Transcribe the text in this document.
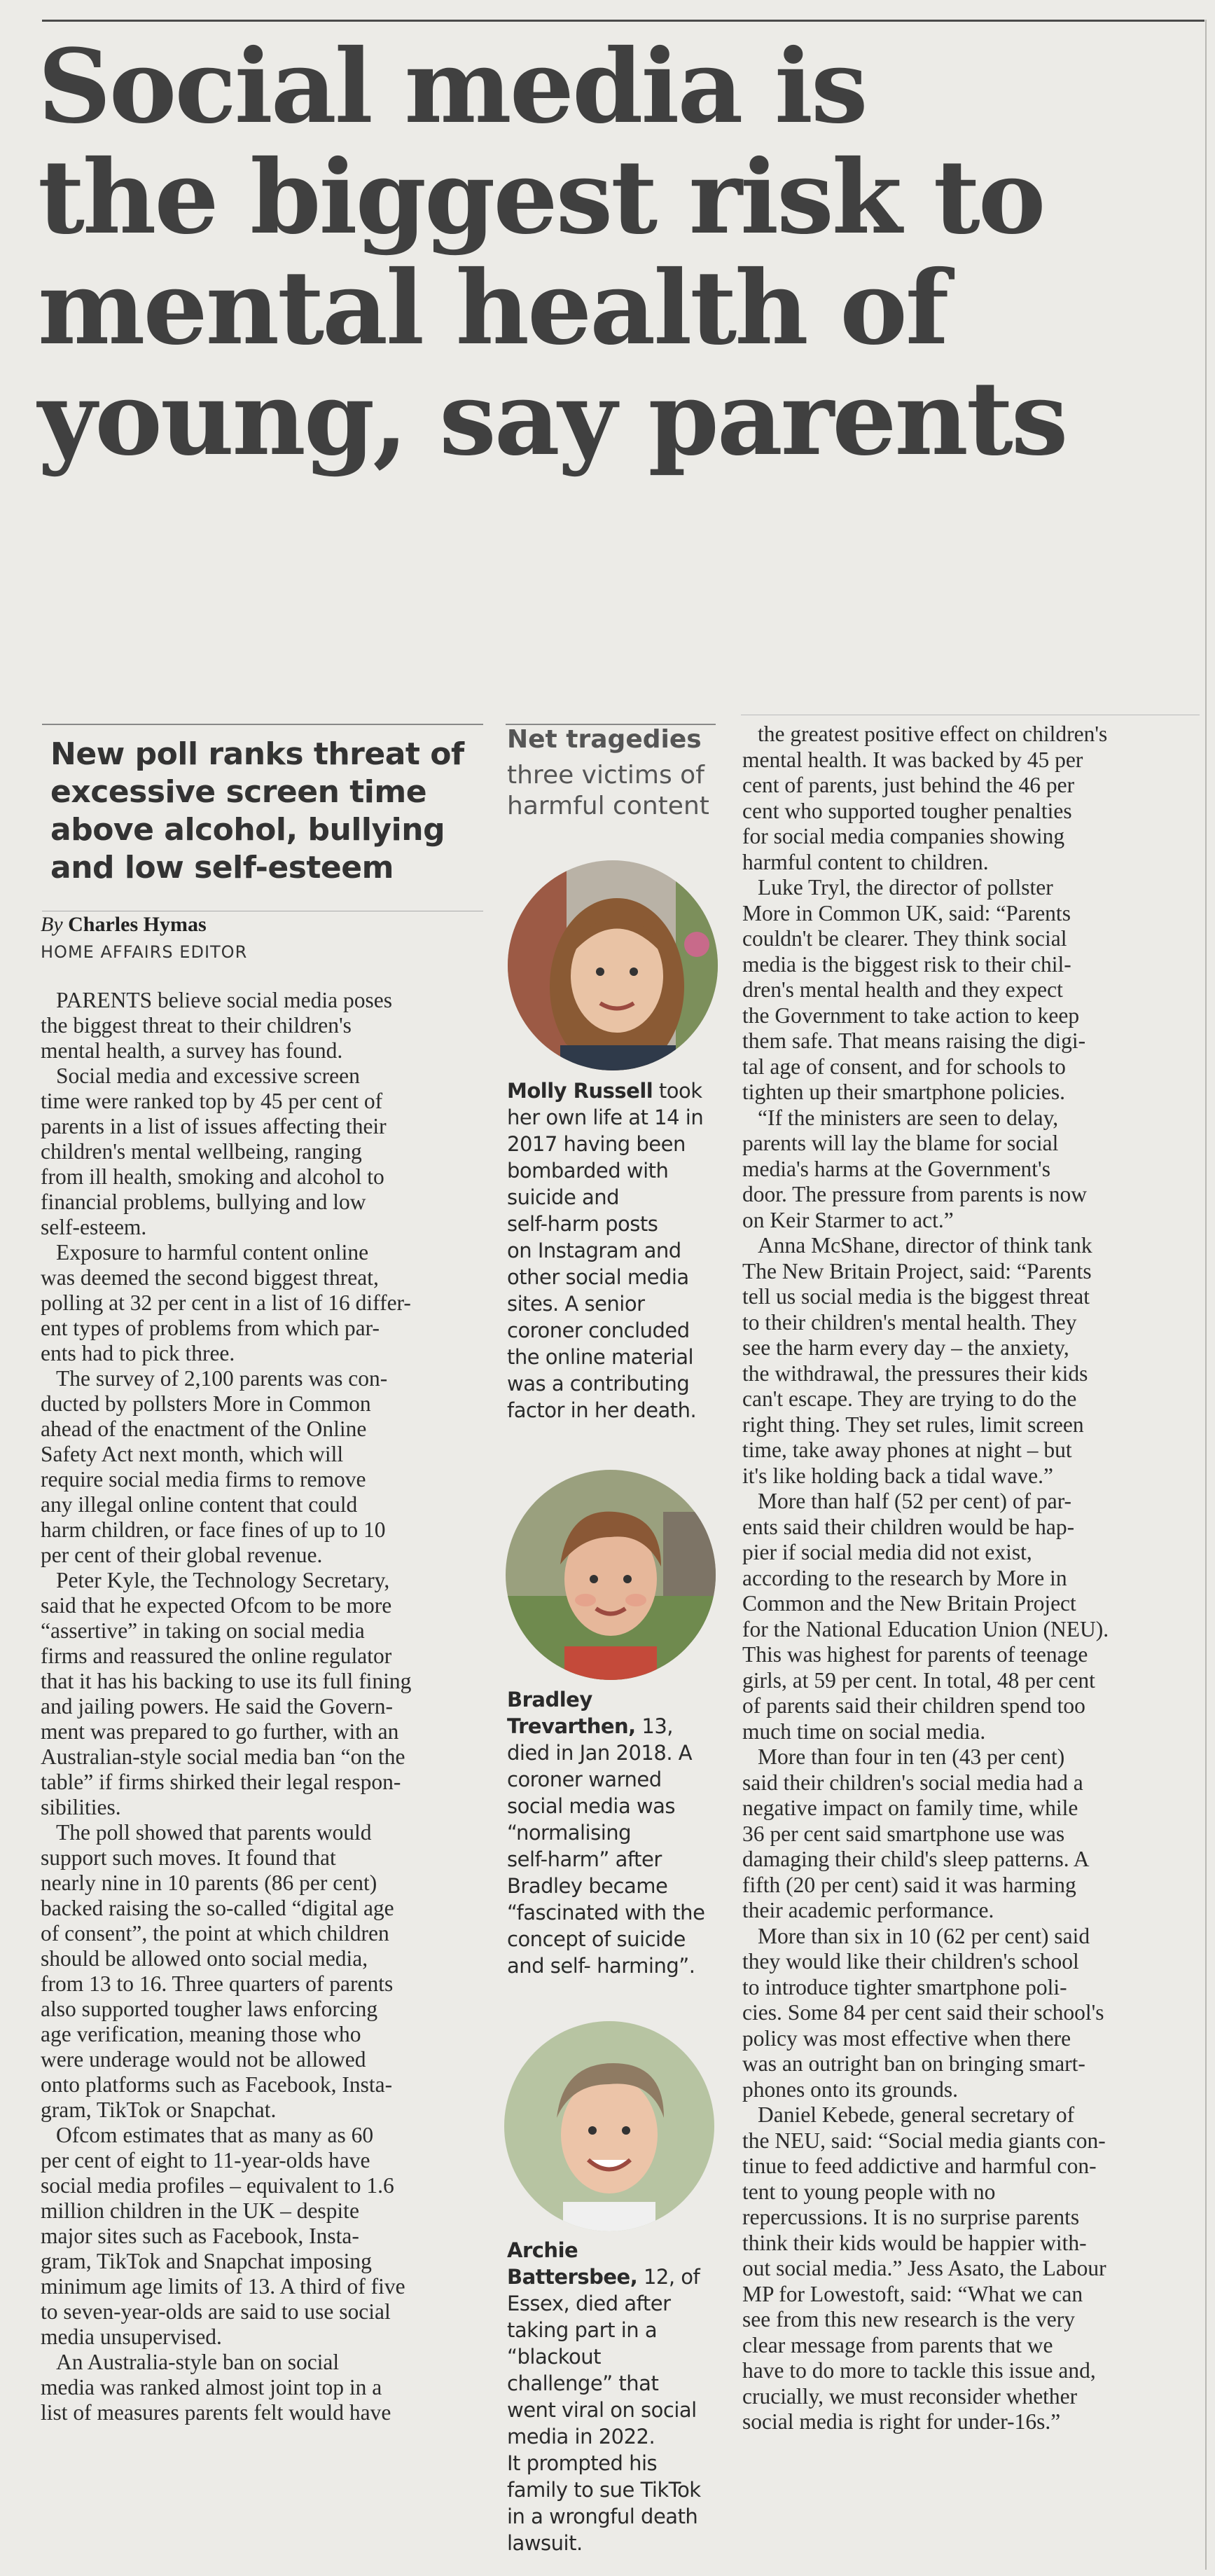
Social media is
the biggest risk to
mental health of
young, say parents
New poll ranks threat of
excessive screen time
above alcohol, bullying
and low self-esteem
By Charles Hymas
HOME AFFAIRS EDITOR

PARENTS believe social media poses
the biggest threat to their children's
mental health, a survey has found.

Social media and excessive screen
time were ranked top by 45 per cent of
parents in a list of issues affecting their
children's mental wellbeing, ranging
from ill health, smoking and alcohol to
financial problems, bullying and low
self-esteem.

Exposure to harmful content online
was deemed the second biggest threat,
polling at 32 per cent in a list of 16 differ-
ent types of problems from which par-
ents had to pick three.

The survey of 2,100 parents was con-
ducted by pollsters More in Common
ahead of the enactment of the Online
Safety Act next month, which will
require social media firms to remove
any illegal online content that could
harm children, or face fines of up to 10
per cent of their global revenue.

Peter Kyle, the Technology Secretary,
said that he expected Ofcom to be more
“assertive” in taking on social media
firms and reassured the online regulator
that it has his backing to use its full fining
and jailing powers. He said the Govern-
ment was prepared to go further, with an
Australian-style social media ban “on the
table” if firms shirked their legal respon-
sibilities.

The poll showed that parents would
support such moves. It found that
nearly nine in 10 parents (86 per cent)
backed raising the so-called “digital age
of consent”, the point at which children
should be allowed onto social media,
from 13 to 16. Three quarters of parents
also supported tougher laws enforcing
age verification, meaning those who
were underage would not be allowed
onto platforms such as Facebook, Insta-
gram, TikTok or Snapchat.

Ofcom estimates that as many as 60
per cent of eight to 11-year-olds have
social media profiles – equivalent to 1.6
million children in the UK – despite
major sites such as Facebook, Insta-
gram, TikTok and Snapchat imposing
minimum age limits of 13. A third of five
to seven-year-olds are said to use social
media unsupervised.

An Australia-style ban on social
media was ranked almost joint top in a
list of measures parents felt would have

the greatest positive effect on children's
mental health. It was backed by 45 per
cent of parents, just behind the 46 per
cent who supported tougher penalties
for social media companies showing
harmful content to children.

Luke Tryl, the director of pollster
More in Common UK, said: “Parents
couldn't be clearer. They think social
media is the biggest risk to their chil-
dren's mental health and they expect
the Government to take action to keep
them safe. That means raising the digi-
tal age of consent, and for schools to
tighten up their smartphone policies.

“If the ministers are seen to delay,
parents will lay the blame for social
media's harms at the Government's
door. The pressure from parents is now
on Keir Starmer to act.”

Anna McShane, director of think tank
The New Britain Project, said: “Parents
tell us social media is the biggest threat
to their children's mental health. They
see the harm every day – the anxiety,
the withdrawal, the pressures their kids
can't escape. They are trying to do the
right thing. They set rules, limit screen
time, take away phones at night – but
it's like holding back a tidal wave.”

More than half (52 per cent) of par-
ents said their children would be hap-
pier if social media did not exist,
according to the research by More in
Common and the New Britain Project
for the National Education Union (NEU).
This was highest for parents of teenage
girls, at 59 per cent. In total, 48 per cent
of parents said their children spend too
much time on social media.

More than four in ten (43 per cent)
said their children's social media had a
negative impact on family time, while
36 per cent said smartphone use was
damaging their child's sleep patterns. A
fifth (20 per cent) said it was harming
their academic performance.

More than six in 10 (62 per cent) said
they would like their children's school
to introduce tighter smartphone poli-
cies. Some 84 per cent said their school's
policy was most effective when there
was an outright ban on bringing smart-
phones onto its grounds.

Daniel Kebede, general secretary of
the NEU, said: “Social media giants con-
tinue to feed addictive and harmful con-
tent to young people with no
repercussions. It is no surprise parents
think their kids would be happier with-
out social media.” Jess Asato, the Labour
MP for Lowestoft, said: “What we can
see from this new research is the very
clear message from parents that we
have to do more to tackle this issue and,
crucially, we must reconsider whether
social media is right for under-16s.”

Net tragedies
three victims of
harmful content
Molly Russell took
her own life at 14 in
2017 having been
bombarded with
suicide and
self-harm posts
on Instagram and
other social media
sites. A senior
coroner concluded
the online material
was a contributing
factor in her death.
Bradley
Trevarthen, 13,
died in Jan 2018. A
coroner warned
social media was
“normalising
self-harm” after
Bradley became
“fascinated with the
concept of suicide
and self- harming”.
Archie
Battersbee, 12, of
Essex, died after
taking part in a
“blackout
challenge” that
went viral on social
media in 2022.
It prompted his
family to sue TikTok
in a wrongful death
lawsuit.
